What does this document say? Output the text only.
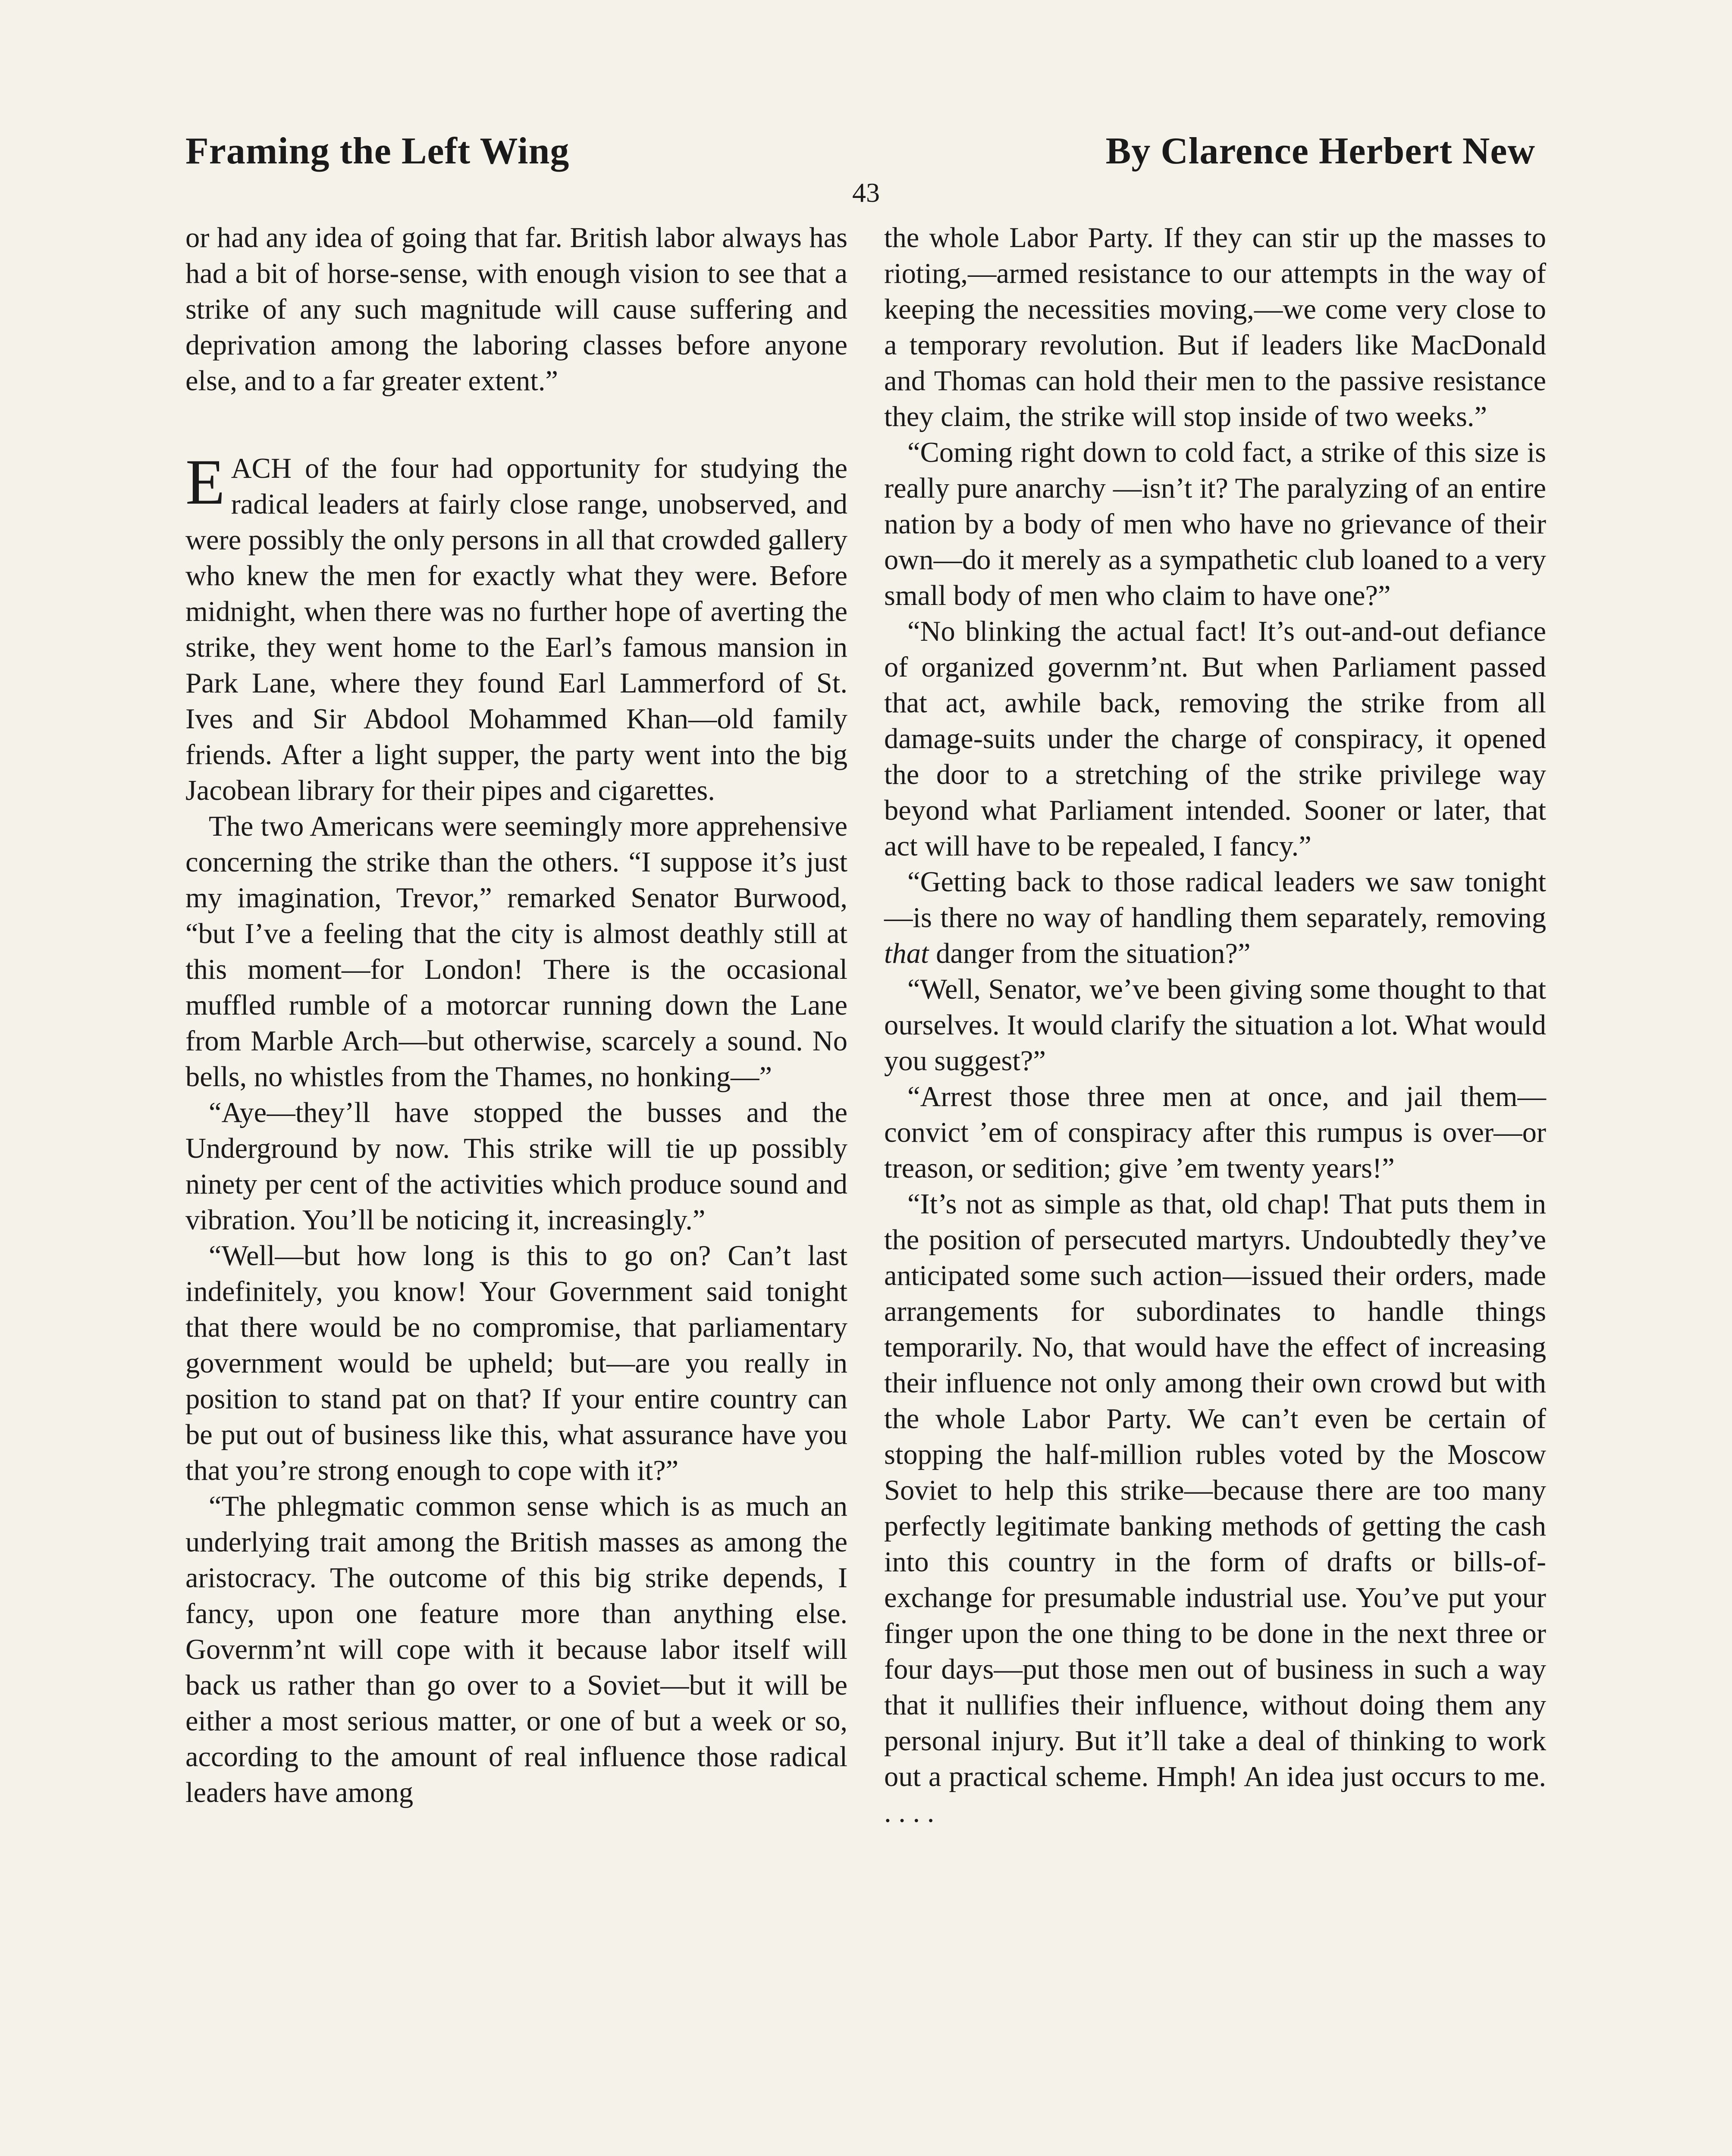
Framing the Left Wing	By Clarence Herbert New
43

or had any idea of going that far. British labor always has had a bit of horse-sense, with enough vision to see that a strike of any such magnitude will cause suffering and deprivation among the laboring classes before anyone else, and to a far greater extent.”

EACH of the four had opportunity for studying the radical leaders at fairly close range, unobserved, and were possibly the only persons in all that crowded gallery who knew the men for exactly what they were. Before midnight, when there was no further hope of averting the strike, they went home to the Earl’s famous mansion in Park Lane, where they found Earl Lammerford of St. Ives and Sir Abdool Mohammed Khan—old family friends. After a light supper, the party went into the big Jacobean library for their pipes and cigarettes.

The two Americans were seemingly more apprehensive concerning the strike than the others. “I suppose it’s just my imagination, Trevor,” remarked Senator Burwood, “but I’ve a feeling that the city is almost deathly still at this moment—for London! There is the occasional muffled rumble of a motorcar running down the Lane from Marble Arch—but otherwise, scarcely a sound. No bells, no whistles from the Thames, no honking—”

“Aye—they’ll have stopped the busses and the Underground by now. This strike will tie up possibly ninety per cent of the activities which produce sound and vibration. You’ll be noticing it, increasingly.”

“Well—but how long is this to go on? Can’t last indefinitely, you know! Your Government said tonight that there would be no compromise, that parliamentary government would be upheld; but—are you really in position to stand pat on that? If your entire country can be put out of business like this, what assurance have you that you’re strong enough to cope with it?”

“The phlegmatic common sense which is as much an underlying trait among the British masses as among the aristocracy. The outcome of this big strike depends, I fancy, upon one feature more than anything else. Governm’nt will cope with it because labor itself will back us rather than go over to a Soviet—but it will be either a most serious matter, or one of but a week or so, according to the amount of real influence those radical leaders have among

the whole Labor Party. If they can stir up the masses to rioting,—armed resistance to our attempts in the way of keeping the necessities moving,—we come very close to a temporary revolution. But if leaders like MacDonald and Thomas can hold their men to the passive resistance they claim, the strike will stop inside of two weeks.”

“Coming right down to cold fact, a strike of this size is really pure anarchy —isn’t it? The paralyzing of an entire nation by a body of men who have no grievance of their own—do it merely as a sympathetic club loaned to a very small body of men who claim to have one?”

“No blinking the actual fact! It’s out-and-out defiance of organized governm’nt. But when Parliament passed that act, awhile back, removing the strike from all damage-suits under the charge of conspiracy, it opened the door to a stretching of the strike privilege way beyond what Parliament intended. Sooner or later, that act will have to be repealed, I fancy.”

“Getting back to those radical leaders we saw tonight—is there no way of handling them separately, removing that danger from the situation?”

“Well, Senator, we’ve been giving some thought to that ourselves. It would clarify the situation a lot. What would you suggest?”

“Arrest those three men at once, and jail them—convict ’em of conspiracy after this rumpus is over—or treason, or sedition; give ’em twenty years!”

“It’s not as simple as that, old chap! That puts them in the position of persecuted martyrs. Undoubtedly they’ve anticipated some such action—issued their orders, made arrangements for subordinates to handle things temporarily. No, that would have the effect of increasing their influence not only among their own crowd but with the whole Labor Party. We can’t even be certain of stopping the half-million rubles voted by the Moscow Soviet to help this strike—because there are too many perfectly legitimate banking methods of getting the cash into this country in the form of drafts or bills-of-exchange for presumable industrial use. You’ve put your finger upon the one thing to be done in the next three or four days—put those men out of business in such a way that it nullifies their influence, without doing them any personal injury. But it’ll take a deal of thinking to work out a practical scheme. Hmph! An idea just occurs to me. . . . .
